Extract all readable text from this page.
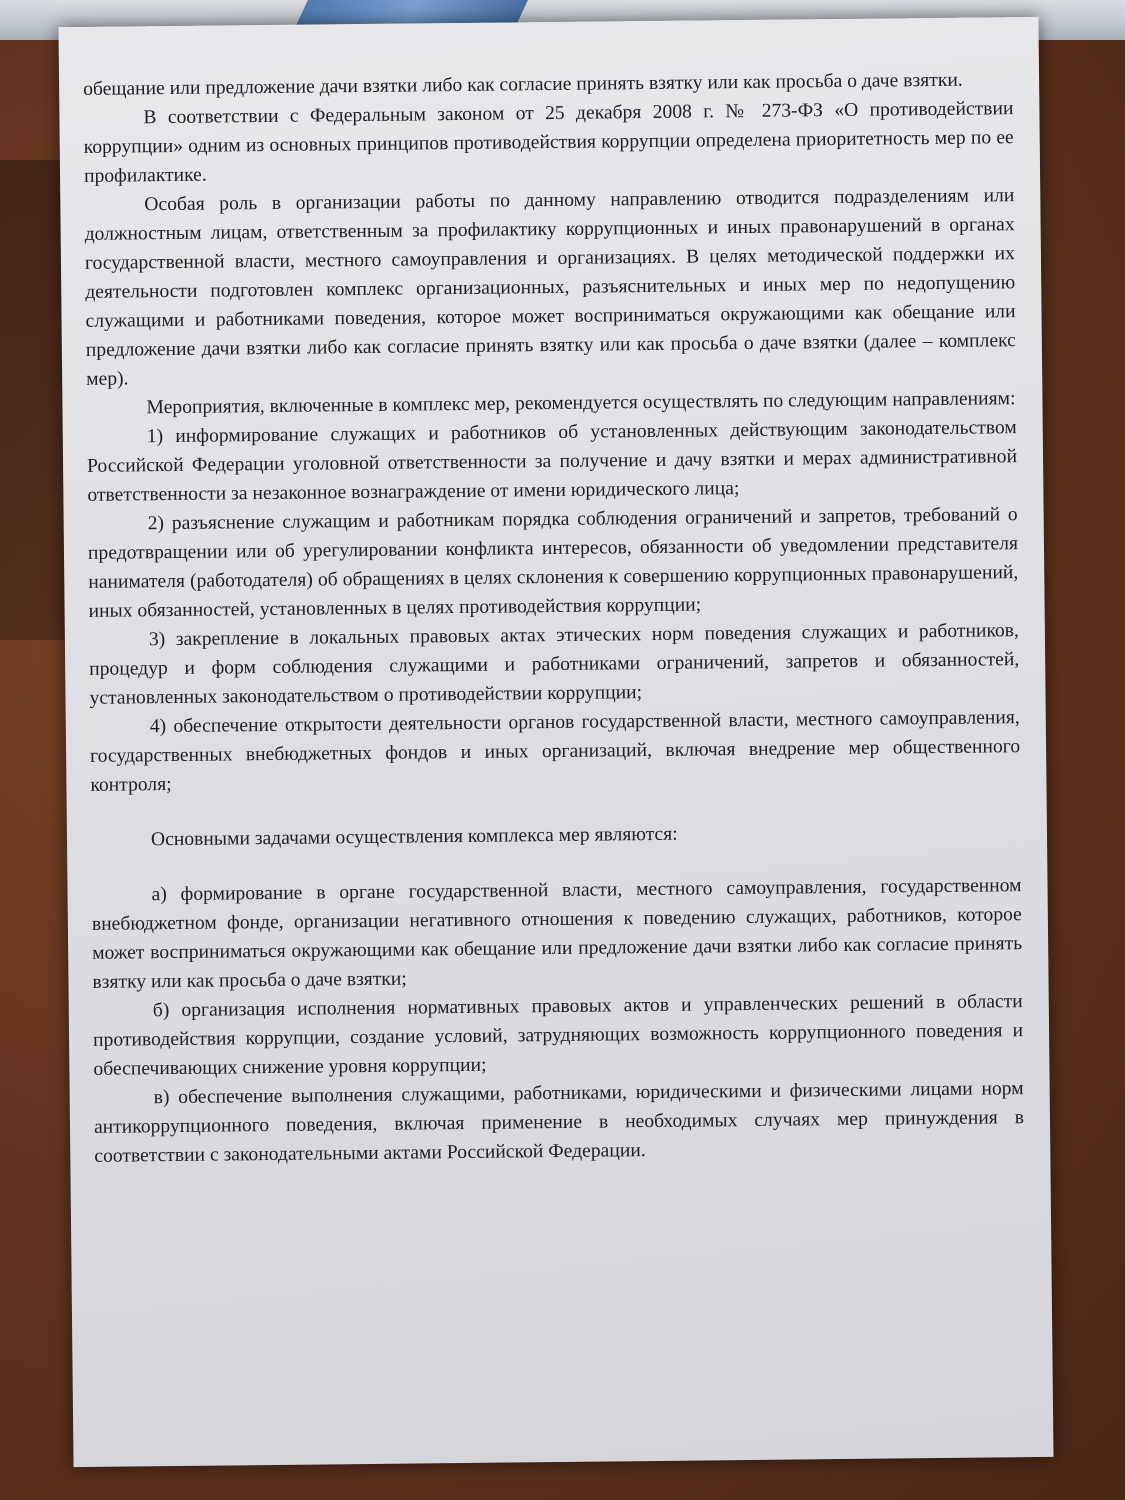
обещание или предложение дачи взятки либо как согласие принять взятку или как просьба о даче взятки.

В соответствии с Федеральным законом от 25 декабря 2008 г. № 273-ФЗ «О противодействии коррупции» одним из основных принципов противодействия коррупции определена приоритетность мер по ее профилактике.

Особая роль в организации работы по данному направлению отводится подразделениям или должностным лицам, ответственным за профилактику коррупционных и иных правонарушений в органах государственной власти, местного самоуправления и организациях. В целях методической поддержки их деятельности подготовлен комплекс организационных, разъяснительных и иных мер по недопущению служащими и работниками поведения, которое может восприниматься окружающими как обещание или предложение дачи взятки либо как согласие принять взятку или как просьба о даче взятки (далее – комплекс мер).

Мероприятия, включенные в комплекс мер, рекомендуется осуществлять по следующим направлениям:

1) информирование служащих и работников об установленных действующим законодательством Российской Федерации уголовной ответственности за получение и дачу взятки и мерах административной ответственности за незаконное вознаграждение от имени юридического лица;

2) разъяснение служащим и работникам порядка соблюдения ограничений и запретов, требований о предотвращении или об урегулировании конфликта интересов, обязанности об уведомлении представителя нанимателя (работодателя) об обращениях в целях склонения к совершению коррупционных правонарушений, иных обязанностей, установленных в целях противодействия коррупции;

3) закрепление в локальных правовых актах этических норм поведения служащих и работников, процедур и форм соблюдения служащими и работниками ограничений, запретов и обязанностей, установленных законодательством о противодействии коррупции;

4) обеспечение открытости деятельности органов государственной власти, местного самоуправления, государственных внебюджетных фондов и иных организаций, включая внедрение мер общественного контроля;

Основными задачами осуществления комплекса мер являются:

а) формирование в органе государственной власти, местного самоуправления, государственном внебюджетном фонде, организации негативного отношения к поведению служащих, работников, которое может восприниматься окружающими как обещание или предложение дачи взятки либо как согласие принять взятку или как просьба о даче взятки;

б) организация исполнения нормативных правовых актов и управленческих решений в области противодействия коррупции, создание условий, затрудняющих возможность коррупционного поведения и обеспечивающих снижение уровня коррупции;

в) обеспечение выполнения служащими, работниками, юридическими и физическими лицами норм антикоррупционного поведения, включая применение в необходимых случаях мер принуждения в соответствии с законодательными актами Российской Федерации.
